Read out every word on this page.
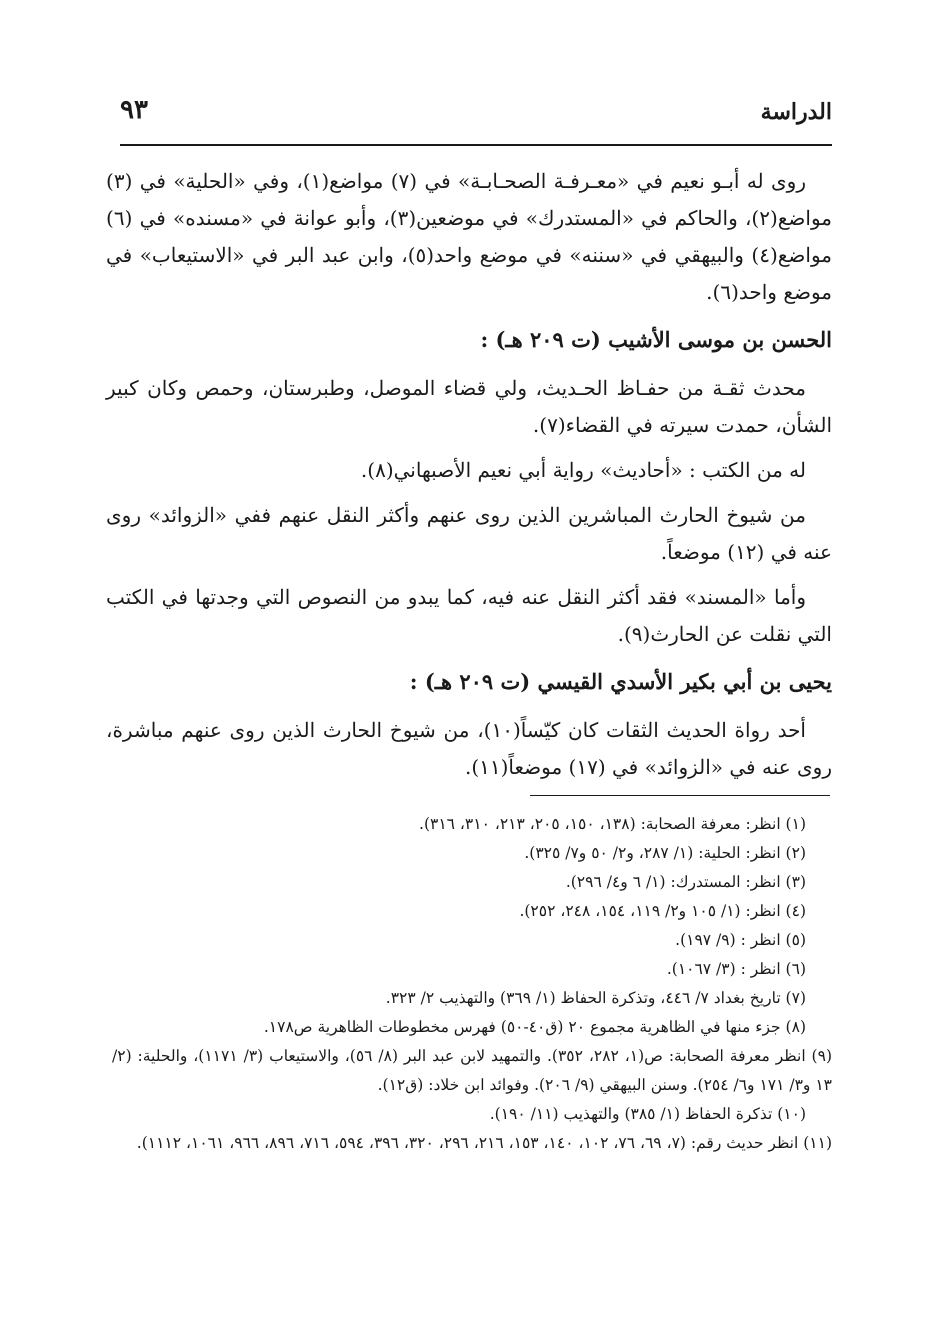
الدراسة
٩٣

روى له أبـو نعيم في «معـرفـة الصحـابـة» في (٧) مواضع(١)، وفي «الحلية» في (٣) مواضع(٢)، والحاكم في «المستدرك» في موضعين(٣)، وأبو عوانة في «مسنده» في (٦) مواضع(٤) والبيهقي في «سننه» في موضع واحد(٥)، وابن عبد البر في «الاستيعاب» في موضع واحد(٦).

الحسن بن موسى الأشيب (ت ٢٠٩ هـ) :

محدث ثقـة من حفـاظ الحـديث، ولي قضاء الموصل، وطبرستان، وحمص وكان كبير الشأن، حمدت سيرته في القضاء(٧).

له من الكتب : «أحاديث» رواية أبي نعيم الأصبهاني(٨).

من شيوخ الحارث المباشرين الذين روى عنهم وأكثر النقل عنهم ففي «الزوائد» روى عنه في (١٢) موضعاً.

وأما «المسند» فقد أكثر النقل عنه فيه، كما يبدو من النصوص التي وجدتها في الكتب التي نقلت عن الحارث(٩).

يحيى بن أبي بكير الأسدي القيسي (ت ٢٠٩ هـ) :

أحد رواة الحديث الثقات كان كيّساً(١٠)، من شيوخ الحارث الذين روى عنهم مباشرة، روى عنه في «الزوائد» في (١٧) موضعاً(١١).

(١) انظر: معرفة الصحابة: (١٣٨، ١٥٠، ٢٠٥، ٢١٣، ٣١٠، ٣١٦).
(٢) انظر: الحلية: (١/ ٢٨٧، و٢/ ٥٠ و٧/ ٣٢٥).
(٣) انظر: المستدرك: (١/ ٦ و٤/ ٢٩٦).
(٤) انظر: (١/ ١٠٥ و٢/ ١١٩، ١٥٤، ٢٤٨، ٢٥٢).
(٥) انظر : (٩/ ١٩٧).
(٦) انظر : (٣/ ١٠٦٧).
(٧) تاريخ بغداد ٧/ ٤٤٦، وتذكرة الحفاظ (١/ ٣٦٩) والتهذيب ٢/ ٣٢٣.
(٨) جزء منها في الظاهرية مجموع ٢٠ (ق٤٠-٥٠) فهرس مخطوطات الظاهرية ص١٧٨.
(٩) انظر معرفة الصحابة: ص(١، ٢٨٢، ٣٥٢). والتمهيد لابن عبد البر (٨/ ٥٦)، والاستيعاب (٣/ ١١٧١)، والحلية: (٢/ ١٣ و٣/ ١٧١ و٦/ ٢٥٤). وسنن البيهقي (٩/ ٢٠٦). وفوائد ابن خلاد: (ق١٢).
(١٠) تذكرة الحفاظ (١/ ٣٨٥) والتهذيب (١١/ ١٩٠).
(١١) انظر حديث رقم: (٧، ٦٩، ٧٦، ١٠٢، ١٤٠، ١٥٣، ٢١٦، ٢٩٦، ٣٢٠، ٣٩٦، ٥٩٤، ٧١٦، ٨٩٦، ٩٦٦، ١٠٦١، ١١١٢).
